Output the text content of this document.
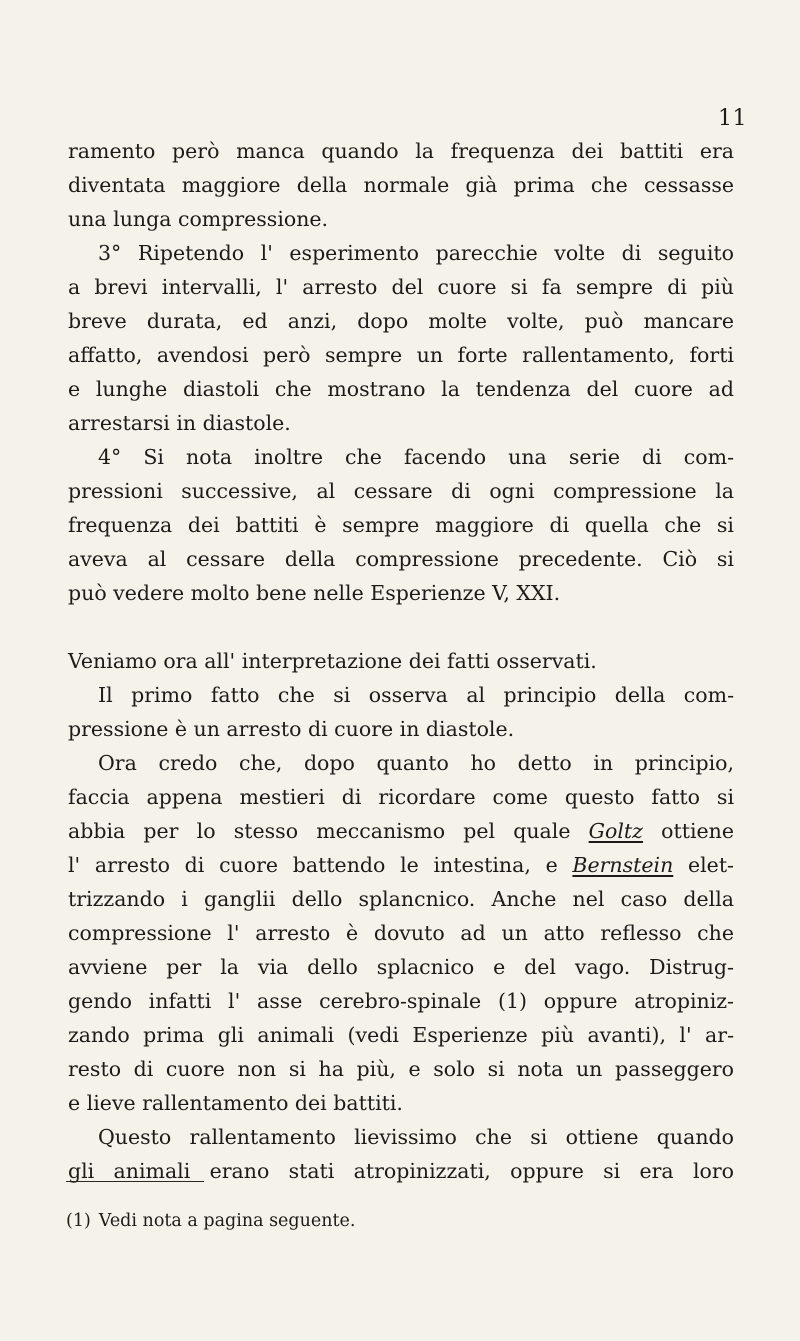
11
ramento però manca quando la frequenza dei battiti era
diventata maggiore della normale già prima che cessasse
una lunga compressione.
3° Ripetendo l' esperimento parecchie volte di seguito
a brevi intervalli, l' arresto del cuore si fa sempre di più
breve durata, ed anzi, dopo molte volte, può mancare
affatto, avendosi però sempre un forte rallentamento, forti
e lunghe diastoli che mostrano la tendenza del cuore ad
arrestarsi in diastole.
4° Si nota inoltre che facendo una serie di com-
pressioni successive, al cessare di ogni compressione la
frequenza dei battiti è sempre maggiore di quella che si
aveva al cessare della compressione precedente. Ciò si
può vedere molto bene nelle Esperienze V, XXI.
Veniamo ora all' interpretazione dei fatti osservati.
Il primo fatto che si osserva al principio della com-
pressione è un arresto di cuore in diastole.
Ora credo che, dopo quanto ho detto in principio,
faccia appena mestieri di ricordare come questo fatto si
abbia per lo stesso meccanismo pel quale Goltz ottiene
l' arresto di cuore battendo le intestina, e Bernstein elet-
trizzando i ganglii dello splancnico. Anche nel caso della
compressione l' arresto è dovuto ad un atto reflesso che
avviene per la via dello splacnico e del vago. Distrug-
gendo infatti l' asse cerebro-spinale (1) oppure atropiniz-
zando prima gli animali (vedi Esperienze più avanti), l' ar-
resto di cuore non si ha più, e solo si nota un passeggero
e lieve rallentamento dei battiti.
Questo rallentamento lievissimo che si ottiene quando
gli animali erano stati atropinizzati, oppure si era loro
(1) Vedi nota a pagina seguente.
